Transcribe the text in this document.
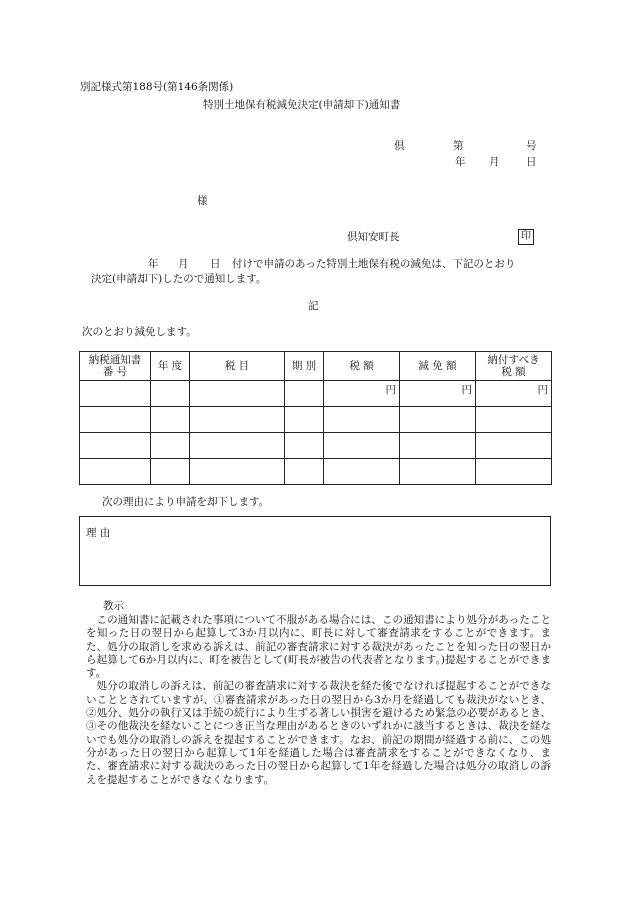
別記様式第188号(第146条関係)
特別土地保有税減免決定(申請却下)通知書
倶	第	号
年 月	日
様
倶知安町長	印
年 月 日 付けで申請のあった特別土地保有税の減免は、下記のとおり
決定(申請却下)したので通知します。
記
次のとおり減免します。
納税通知書
番 号	年 度	税 目	期 別	税 額	減 免 額	納付すべき
税 額
				円	円	円

次の理由により申請を却下します。
理 由
教示

この通知書に記載された事項について不服がある場合には、この通知書により処分があったことを知った日の翌日から起算して3か月以内に、町長に対して審査請求をすることができます。また、処分の取消しを求める訴えは、前記の審査請求に対する裁決があったことを知った日の翌日から起算して6か月以内に、町を被告として(町長が被告の代表者となります。)提起することができます。

処分の取消しの訴えは、前記の審査請求に対する裁決を経た後でなければ提起することができないこととされていますが、①審査請求があった日の翌日から3か月を経過しても裁決がないとき、②処分、処分の執行又は手続の続行により生ずる著しい損害を避けるため緊急の必要があるとき、③その他裁決を経ないことにつき正当な理由があるときのいずれかに該当するときは、裁決を経ないでも処分の取消しの訴えを提起することができます。なお、前記の期間が経過する前に、この処分があった日の翌日から起算して1年を経過した場合は審査請求をすることができなくなり、また、審査請求に対する裁決のあった日の翌日から起算して1年を経過した場合は処分の取消しの訴えを提起することができなくなります。
